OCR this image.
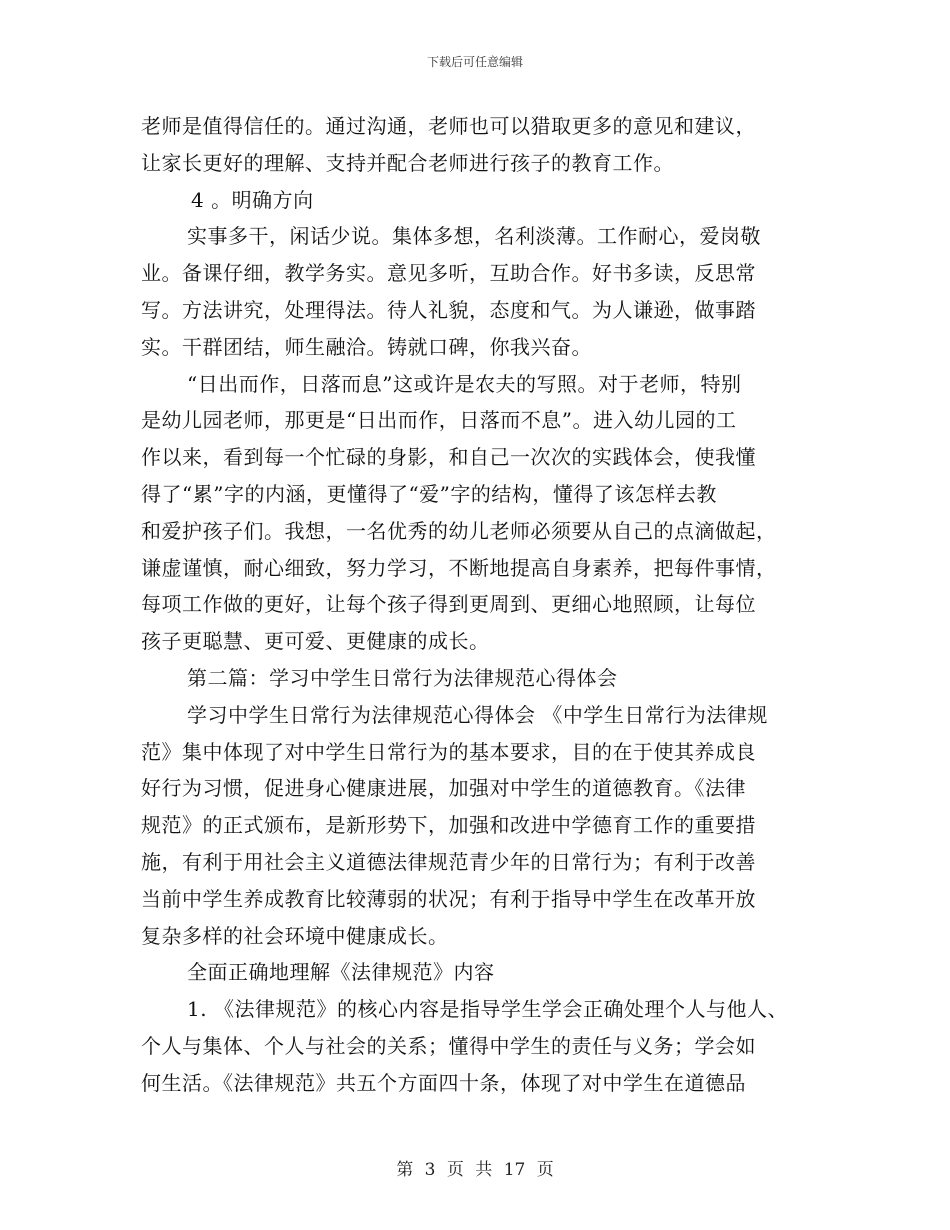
下载后可任意编辑
老师是值得信任的。通过沟通，老师也可以猎取更多的意见和建议，
让家长更好的理解、支持并配合老师进行孩子的教育工作。
4 。明确方向
实事多干，闲话少说。集体多想，名利淡薄。工作耐心，爱岗敬
业。备课仔细，教学务实。意见多听，互助合作。好书多读，反思常
写。方法讲究，处理得法。待人礼貌，态度和气。为人谦逊，做事踏
实。干群团结，师生融洽。铸就口碑，你我兴奋。
“日出而作，日落而息”这或许是农夫的写照。对于老师，特别
是幼儿园老师，那更是“日出而作，日落而不息”。进入幼儿园的工
作以来，看到每一个忙碌的身影，和自己一次次的实践体会，使我懂
得了“累”字的内涵，更懂得了“爱”字的结构，懂得了该怎样去教
和爱护孩子们。我想，一名优秀的幼儿老师必须要从自己的点滴做起，
谦虚谨慎，耐心细致，努力学习，不断地提高自身素养，把每件事情，
每项工作做的更好，让每个孩子得到更周到、更细心地照顾，让每位
孩子更聪慧、更可爱、更健康的成长。
第二篇：学习中学生日常行为法律规范心得体会
学习中学生日常行为法律规范心得体会 《中学生日常行为法律规
范》集中体现了对中学生日常行为的基本要求，目的在于使其养成良
好行为习惯，促进身心健康进展，加强对中学生的道德教育。《法律
规范》的正式颁布，是新形势下，加强和改进中学德育工作的重要措
施，有利于用社会主义道德法律规范青少年的日常行为；有利于改善
当前中学生养成教育比较薄弱的状况；有利于指导中学生在改革开放
复杂多样的社会环境中健康成长。
全面正确地理解《法律规范》内容
1. 《法律规范》的核心内容是指导学生学会正确处理个人与他人、
个人与集体、个人与社会的关系；懂得中学生的责任与义务；学会如
何生活。《法律规范》共五个方面四十条，体现了对中学生在道德品
第 3 页 共 17 页
